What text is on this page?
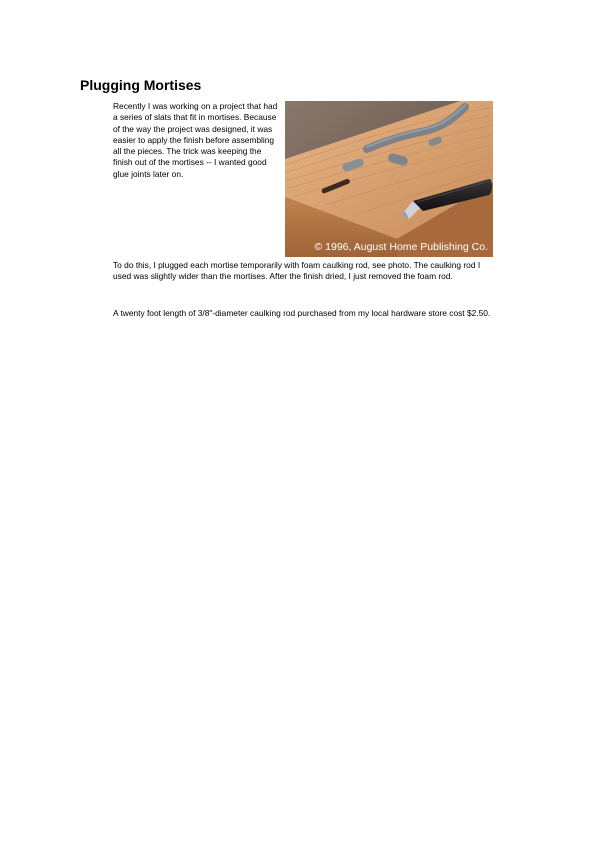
Plugging Mortises

Recently I was working on a project that had a series of slats that fit in mortises. Because of the way the project was designed, it was easier to apply the finish before assembling all the pieces. The trick was keeping the finish out of the mortises -- I wanted good glue joints later on.

© 1996, August Home Publishing Co.

To do this, I plugged each mortise temporarily with foam caulking rod, see photo. The caulking rod I used was slightly wider than the mortises. After the finish dried, I just removed the foam rod.

A twenty foot length of 3/8"-diameter caulking rod purchased from my local hardware store cost $2.50.
